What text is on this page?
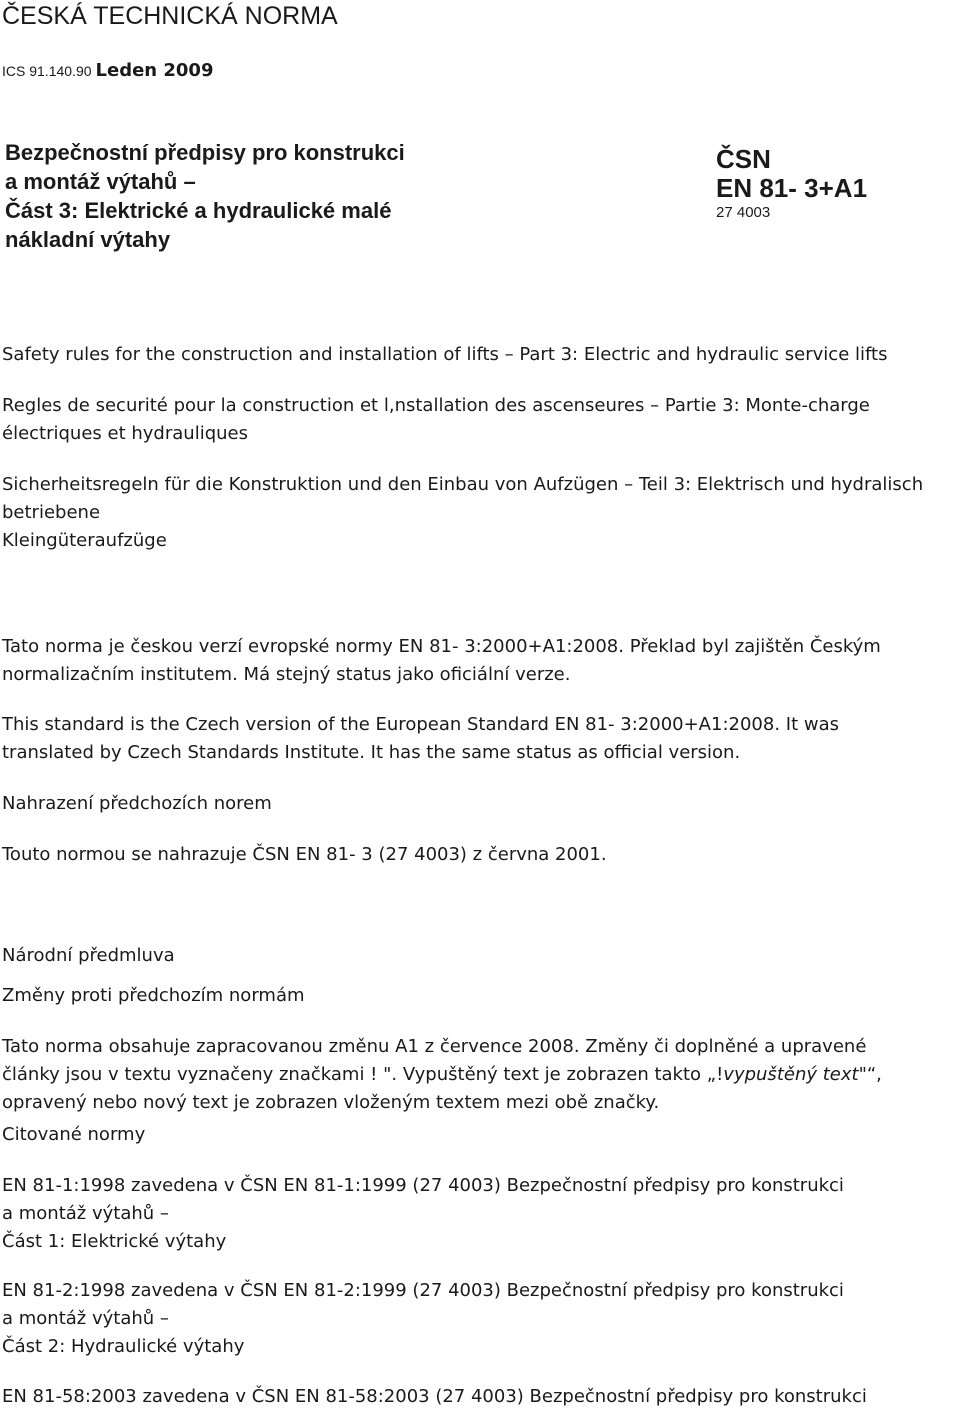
ČESKÁ TECHNICKÁ NORMA
ICS 91.140.90 Leden 2009
Bezpečnostní předpisy pro konstrukci
a montáž výtahů –
Část 3: Elektrické a hydraulické malé
nákladní výtahy
ČSN
EN 81- 3+A1
27 4003
Safety rules for the construction and installation of lifts – Part 3: Electric and hydraulic service lifts
Regles de securité pour la construction et l,nstallation des ascenseures – Partie 3: Monte-charge
électriques et hydrauliques
Sicherheitsregeln für die Konstruktion und den Einbau von Aufzügen – Teil 3: Elektrisch und hydralisch
betriebene
Kleingüteraufzüge
Tato norma je českou verzí evropské normy EN 81- 3:2000+A1:2008. Překlad byl zajištěn Českým
normalizačním institutem. Má stejný status jako oficiální verze.
This standard is the Czech version of the European Standard EN 81- 3:2000+A1:2008. It was
translated by Czech Standards Institute. It has the same status as official version.
Nahrazení předchozích norem
Touto normou se nahrazuje ČSN EN 81- 3 (27 4003) z června 2001.
Národní předmluva
Změny proti předchozím normám
Tato norma obsahuje zapracovanou změnu A1 z července 2008. Změny či doplněné a upravené
články jsou v textu vyznačeny značkami ! ". Vypuštěný text je zobrazen takto „!vypuštěný text"“,
opravený nebo nový text je zobrazen vloženým textem mezi obě značky.
Citované normy
EN 81-1:1998 zavedena v ČSN EN 81-1:1999 (27 4003) Bezpečnostní předpisy pro konstrukci
a montáž výtahů –
Část 1: Elektrické výtahy
EN 81-2:1998 zavedena v ČSN EN 81-2:1999 (27 4003) Bezpečnostní předpisy pro konstrukci
a montáž výtahů –
Část 2: Hydraulické výtahy
EN 81-58:2003 zavedena v ČSN EN 81-58:2003 (27 4003) Bezpečnostní předpisy pro konstrukci
